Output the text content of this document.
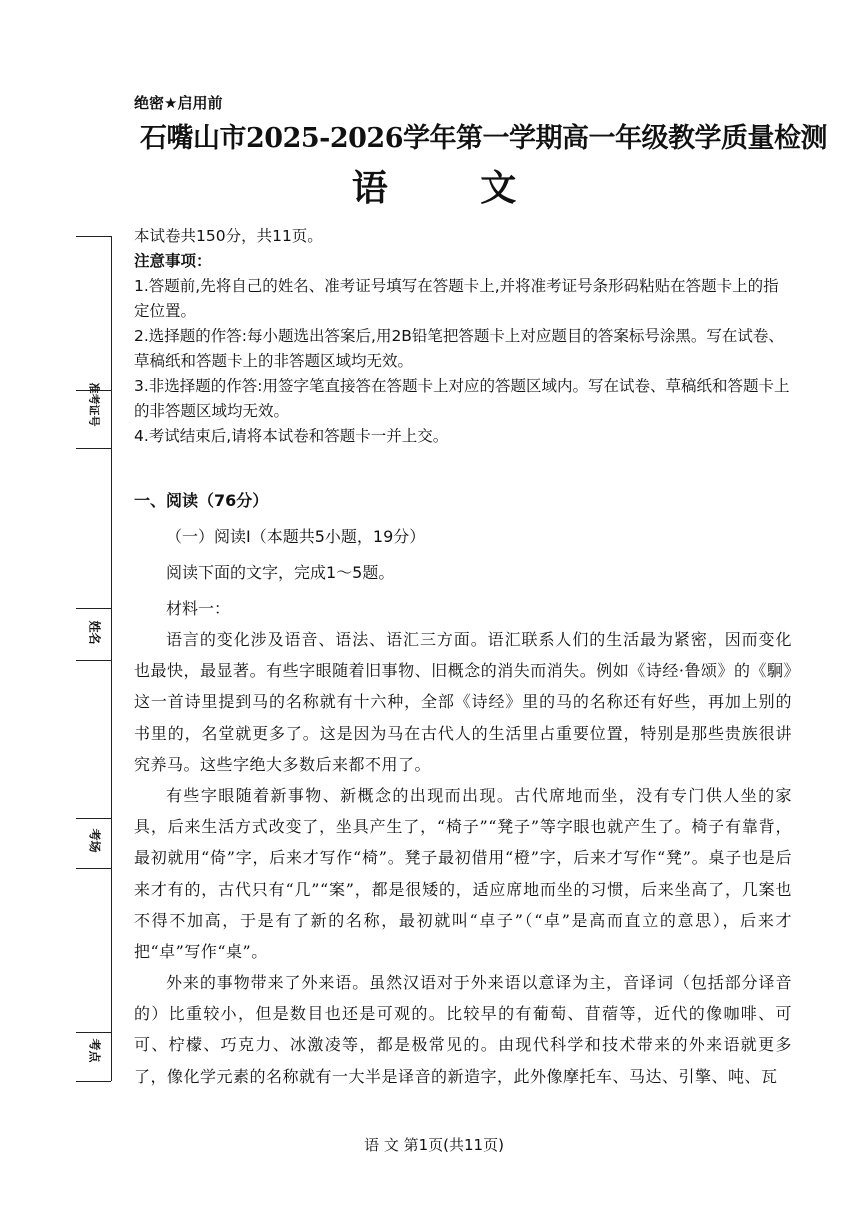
准考证号
姓名
考场
考点
绝密★启用前
石嘴山市2025-2026学年第一学期高一年级教学质量检测
语 文
本试卷共150分，共11页。
注意事项：
1.答题前,先将自己的姓名、准考证号填写在答题卡上,并将准考证号条形码粘贴在答题卡上的指定位置。
2.选择题的作答:每小题选出答案后,用2B铅笔把答题卡上对应题目的答案标号涂黑。写在试卷、草稿纸和答题卡上的非答题区域均无效。
3.非选择题的作答:用签字笔直接答在答题卡上对应的答题区域内。写在试卷、草稿纸和答题卡上的非答题区域均无效。
4.考试结束后,请将本试卷和答题卡一并上交。
一、阅读（76分）
（一）阅读Ⅰ（本题共5小题，19分）
阅读下面的文字，完成1～5题。
材料一：
语言的变化涉及语音、语法、语汇三方面。语汇联系人们的生活最为紧密，因而变化也最快，最显著。有些字眼随着旧事物、旧概念的消失而消失。例如《诗经·鲁颂》的《駉》这一首诗里提到马的名称就有十六种，全部《诗经》里的马的名称还有好些，再加上别的书里的，名堂就更多了。这是因为马在古代人的生活里占重要位置，特别是那些贵族很讲究养马。这些字绝大多数后来都不用了。
有些字眼随着新事物、新概念的出现而出现。古代席地而坐，没有专门供人坐的家具，后来生活方式改变了，坐具产生了，“椅子”“凳子”等字眼也就产生了。椅子有靠背，最初就用“倚”字，后来才写作“椅”。凳子最初借用“橙”字，后来才写作“凳”。桌子也是后来才有的，古代只有“几”“案”，都是很矮的，适应席地而坐的习惯，后来坐高了，几案也不得不加高，于是有了新的名称，最初就叫“卓子”（“卓”是高而直立的意思），后来才把“卓”写作“桌”。
外来的事物带来了外来语。虽然汉语对于外来语以意译为主，音译词（包括部分译音的）比重较小，但是数目也还是可观的。比较早的有葡萄、苜蓿等，近代的像咖啡、可可、柠檬、巧克力、冰激凌等，都是极常见的。由现代科学和技术带来的外来语就更多了，像化学元素的名称就有一大半是译音的新造字，此外像摩托车、马达、引擎、吨、瓦
语 文 第1页(共11页)
